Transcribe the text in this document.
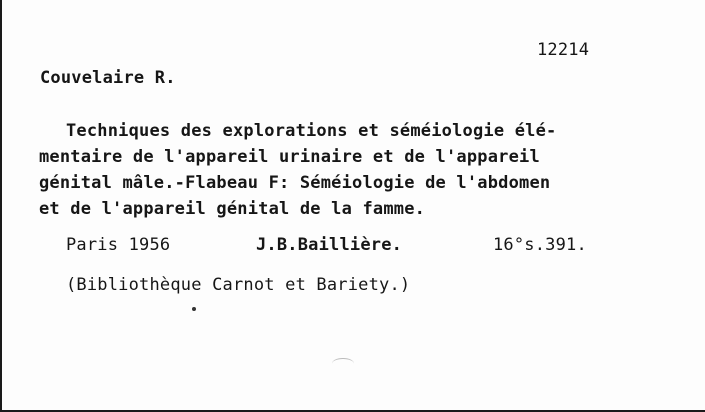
12214
Couvelaire R.
Techniques des explorations et séméiologie élé-
mentaire de l'appareil urinaire et de l'appareil
génital mâle.-Flabeau F: Séméiologie de l'abdomen
et de l'appareil génital de la famme.
Paris 1956	J.B.Baillière.	16°s.391.
(Bibliothèque Carnot et Bariety.)
